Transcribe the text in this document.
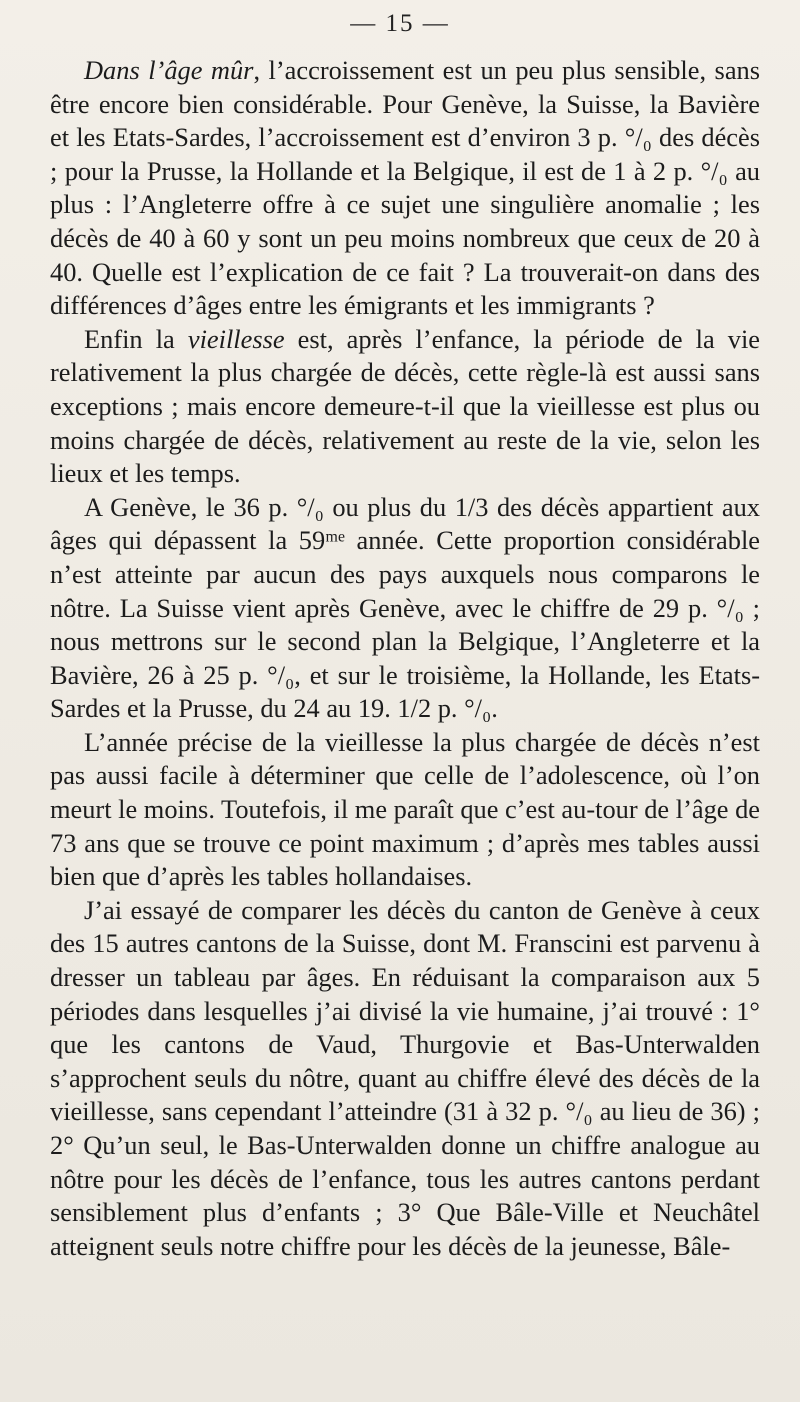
— 15 —

Dans l’âge mûr, l’accroissement est un peu plus sensible, sans être encore bien considérable. Pour Genève, la Suisse, la Bavière et les Etats-Sardes, l’accroissement est d’environ 3 p. °/₀ des décès ; pour la Prusse, la Hollande et la Belgique, il est de 1 à 2 p. °/₀ au plus : l’Angleterre offre à ce sujet une singulière anomalie ; les décès de 40 à 60 y sont un peu moins nombreux que ceux de 20 à 40. Quelle est l’explication de ce fait ? La trouverait-on dans des différences d’âges entre les émigrants et les immigrants ?

Enfin la vieillesse est, après l’enfance, la période de la vie relativement la plus chargée de décès, cette règle-là est aussi sans exceptions ; mais encore demeure-t-il que la vieillesse est plus ou moins chargée de décès, relativement au reste de la vie, selon les lieux et les temps.

A Genève, le 36 p. °/₀ ou plus du 1/3 des décès appartient aux âges qui dépassent la 59ᵐᵉ année. Cette proportion considérable n’est atteinte par aucun des pays auxquels nous comparons le nôtre. La Suisse vient après Genève, avec le chiffre de 29 p. °/₀ ; nous mettrons sur le second plan la Belgique, l’Angleterre et la Bavière, 26 à 25 p. °/₀, et sur le troisième, la Hollande, les Etats-Sardes et la Prusse, du 24 au 19. 1/2 p. °/₀.

L’année précise de la vieillesse la plus chargée de décès n’est pas aussi facile à déterminer que celle de l’adolescence, où l’on meurt le moins. Toutefois, il me paraît que c’est au-tour de l’âge de 73 ans que se trouve ce point maximum ; d’après mes tables aussi bien que d’après les tables hollandaises.

J’ai essayé de comparer les décès du canton de Genève à ceux des 15 autres cantons de la Suisse, dont M. Franscini est parvenu à dresser un tableau par âges. En réduisant la comparaison aux 5 périodes dans lesquelles j’ai divisé la vie humaine, j’ai trouvé : 1° que les cantons de Vaud, Thurgovie et Bas-Unterwalden s’approchent seuls du nôtre, quant au chiffre élevé des décès de la vieillesse, sans cependant l’atteindre (31 à 32 p. °/₀ au lieu de 36) ; 2° Qu’un seul, le Bas-Unterwalden donne un chiffre analogue au nôtre pour les décès de l’enfance, tous les autres cantons perdant sensiblement plus d’enfants ; 3° Que Bâle-Ville et Neuchâtel atteignent seuls notre chiffre pour les décès de la jeunesse, Bâle-
